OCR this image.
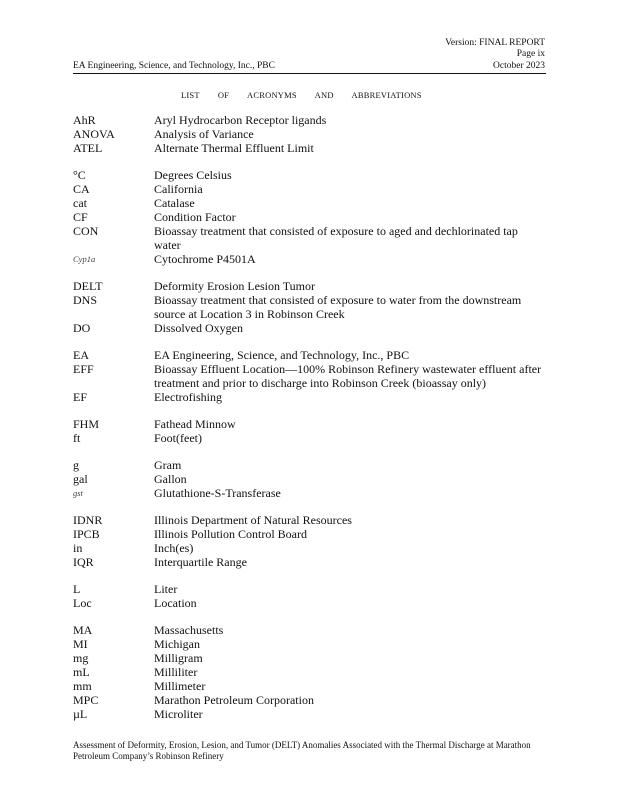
Version: FINAL REPORT
Page ix
October 2023
EA Engineering, Science, and Technology, Inc., PBC
LIST OF ACRONYMS AND ABBREVIATIONS
AhR	Aryl Hydrocarbon Receptor ligands
ANOVA	Analysis of Variance
ATEL	Alternate Thermal Effluent Limit
°C	Degrees Celsius
CA	California
cat	Catalase
CF	Condition Factor
CON	Bioassay treatment that consisted of exposure to aged and dechlorinated tap water
Cyp1a	Cytochrome P4501A
DELT	Deformity Erosion Lesion Tumor
DNS	Bioassay treatment that consisted of exposure to water from the downstream source at Location 3 in Robinson Creek
DO	Dissolved Oxygen
EA	EA Engineering, Science, and Technology, Inc., PBC
EFF	Bioassay Effluent Location—100% Robinson Refinery wastewater effluent after treatment and prior to discharge into Robinson Creek (bioassay only)
EF	Electrofishing
FHM	Fathead Minnow
ft	Foot(feet)
g	Gram
gal	Gallon
gst	Glutathione-S-Transferase
IDNR	Illinois Department of Natural Resources
IPCB	Illinois Pollution Control Board
in	Inch(es)
IQR	Interquartile Range
L	Liter
Loc	Location
MA	Massachusetts
MI	Michigan
mg	Milligram
mL	Milliliter
mm	Millimeter
MPC	Marathon Petroleum Corporation
µL	Microliter
Assessment of Deformity, Erosion, Lesion, and Tumor (DELT) Anomalies Associated with the Thermal Discharge at Marathon Petroleum Company’s Robinson Refinery
